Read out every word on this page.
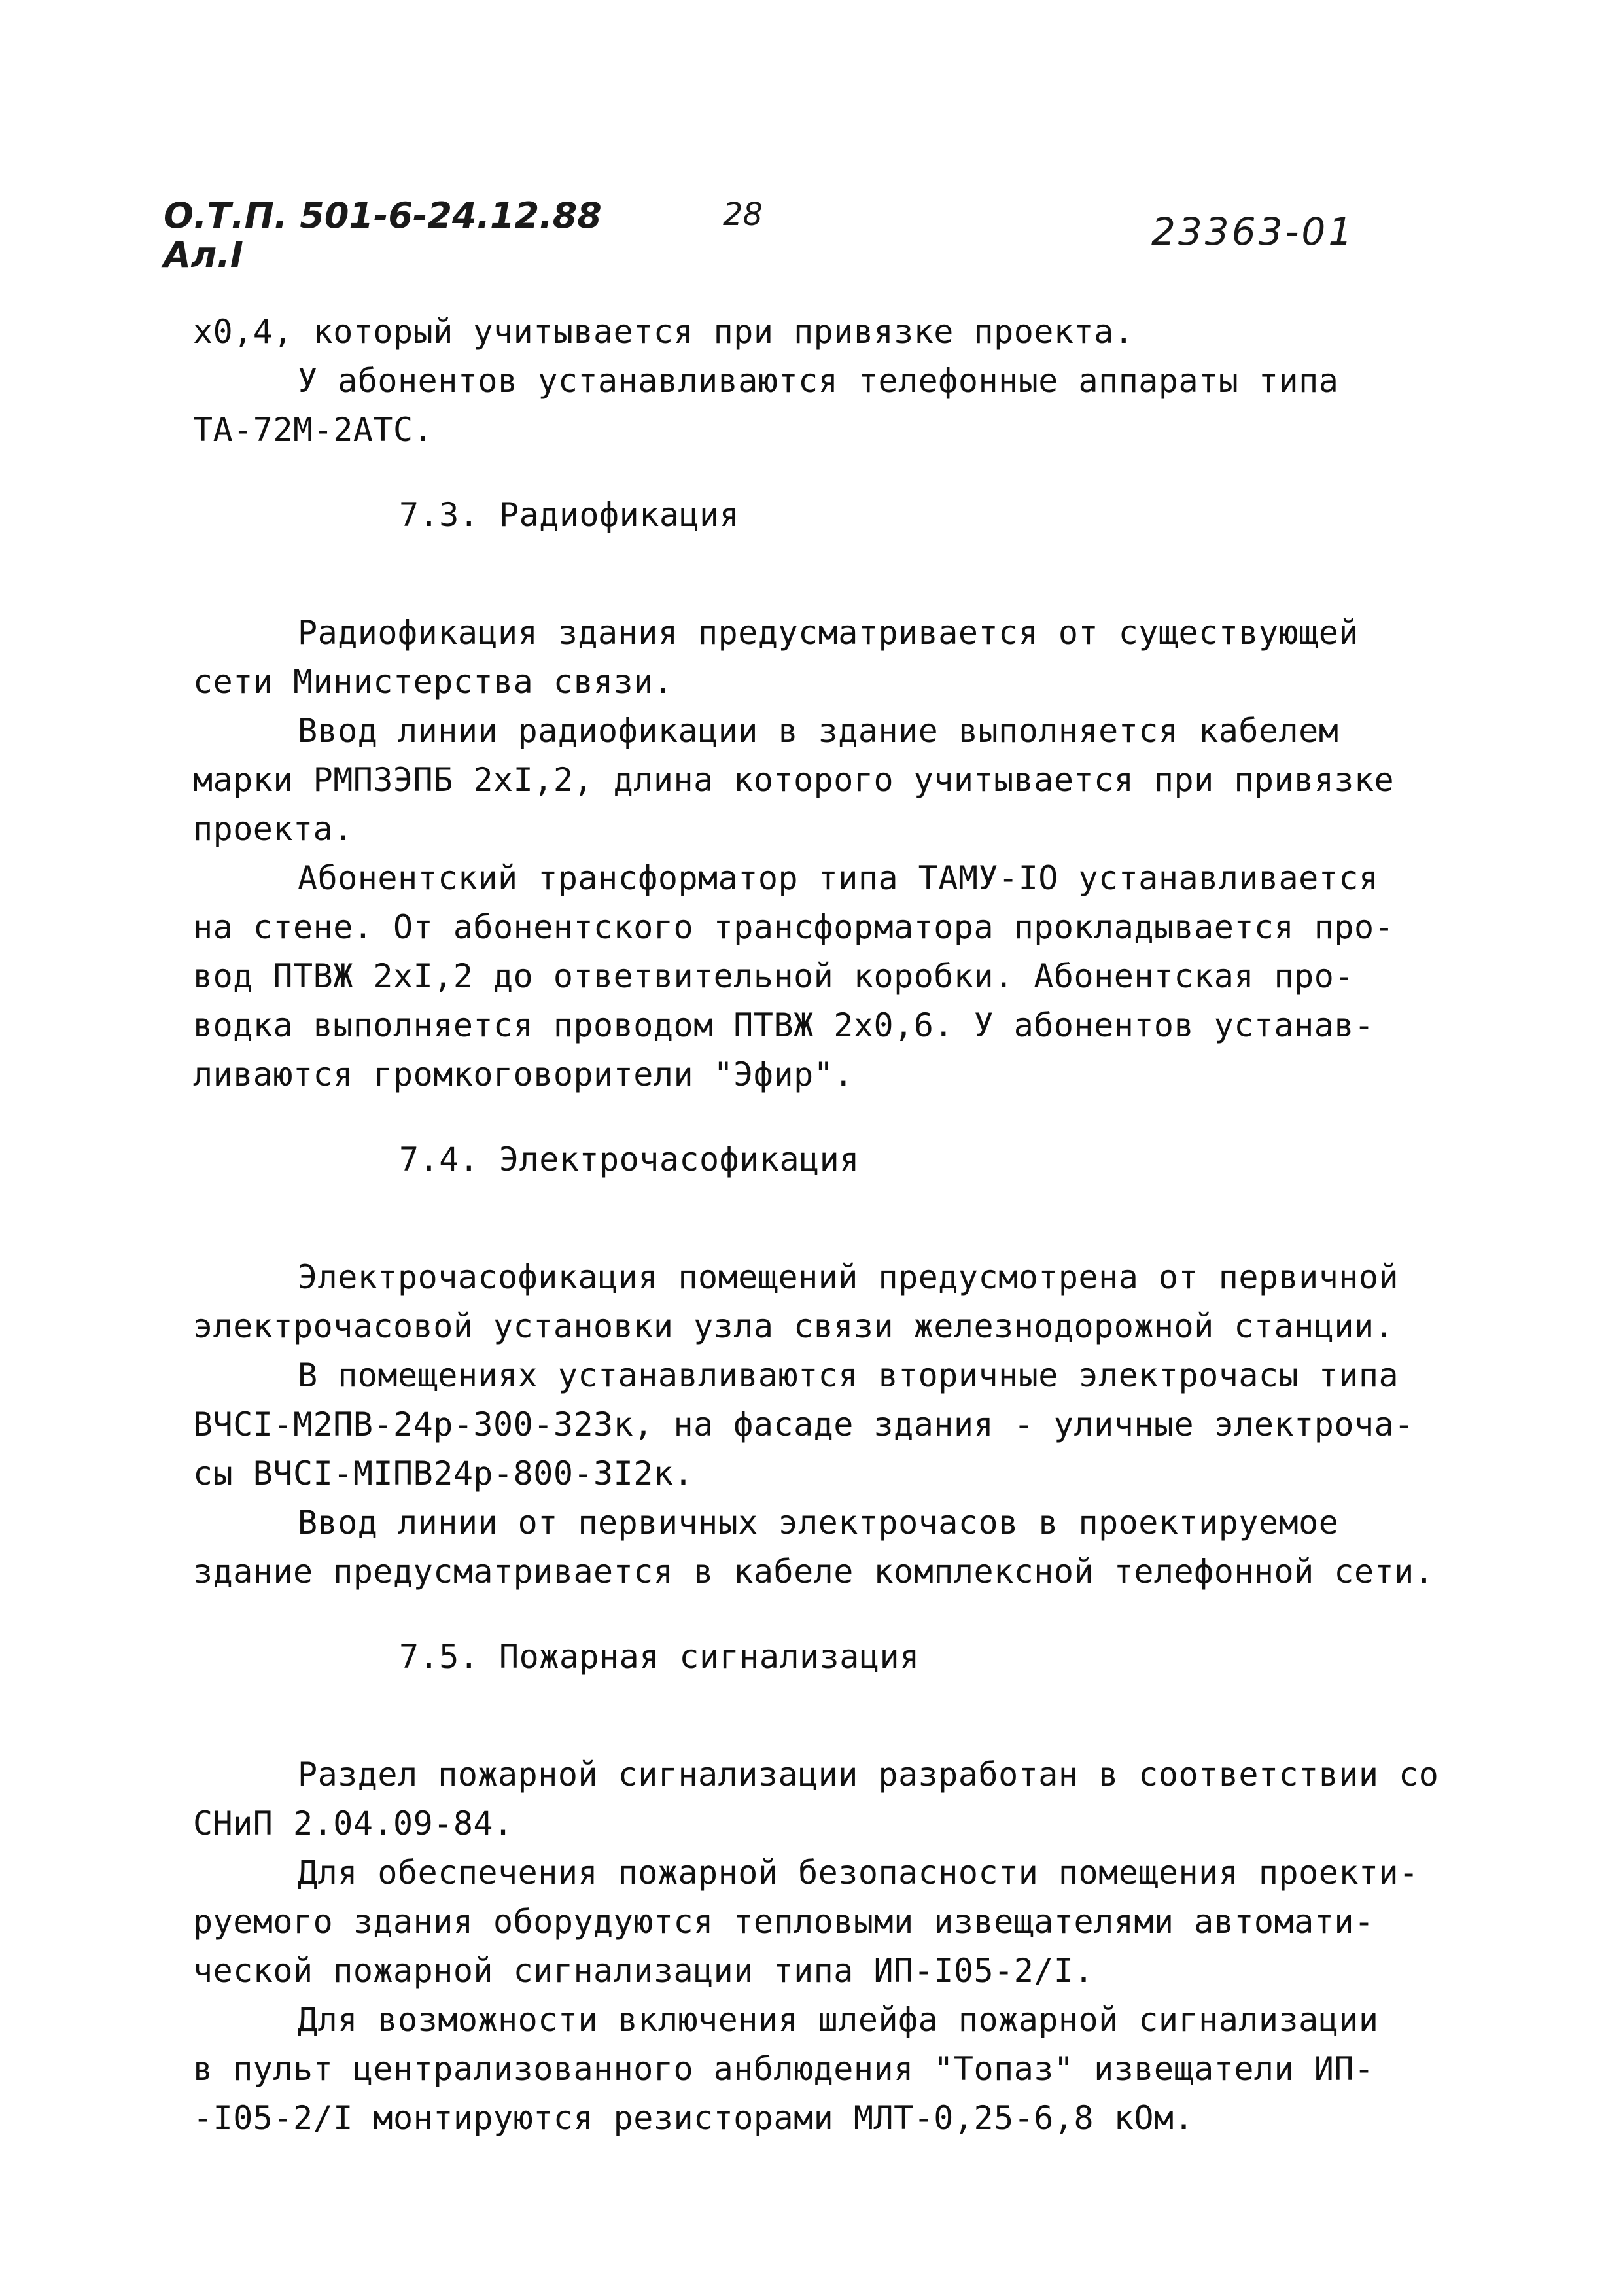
О.Т.П. 501-6-24.12.88
Ал.I
28	23363-01
х0,4, который учитывается при привязке проекта.
У абонентов устанавливаются телефонные аппараты типа
ТА-72М-2АТС.
7.3. Радиофикация
Радиофикация здания предусматривается от существующей
сети Министерства связи.
Ввод линии радиофикации в здание выполняется кабелем
марки РМПЗЭПБ 2хI,2, длина которого учитывается при привязке
проекта.
Абонентский трансформатор типа ТАМУ-IО устанавливается
на стене. От абонентского трансформатора прокладывается про-
вод ПТВЖ 2хI,2 до ответвительной коробки. Абонентская про-
водка выполняется проводом ПТВЖ 2х0,6. У абонентов устанав-
ливаются громкоговорители "Эфир".
7.4. Электрочасофикация
Электрочасофикация помещений предусмотрена от первичной
электрочасовой установки узла связи железнодорожной станции.
В помещениях устанавливаются вторичные электрочасы типа
ВЧСI-М2ПВ-24р-300-323к, на фасаде здания - уличные электроча-
сы ВЧСI-МIПВ24р-800-3I2к.
Ввод линии от первичных электрочасов в проектируемое
здание предусматривается в кабеле комплексной телефонной сети.
7.5. Пожарная сигнализация
Раздел пожарной сигнализации разработан в соответствии со
СНиП 2.04.09-84.
Для обеспечения пожарной безопасности помещения проекти-
руемого здания оборудуются тепловыми извещателями автомати-
ческой пожарной сигнализации типа ИП-I05-2/I.
Для возможности включения шлейфа пожарной сигнализации
в пульт централизованного анблюдения "Топаз" извещатели ИП-
-I05-2/I монтируются резисторами МЛТ-0,25-6,8 кОм.
